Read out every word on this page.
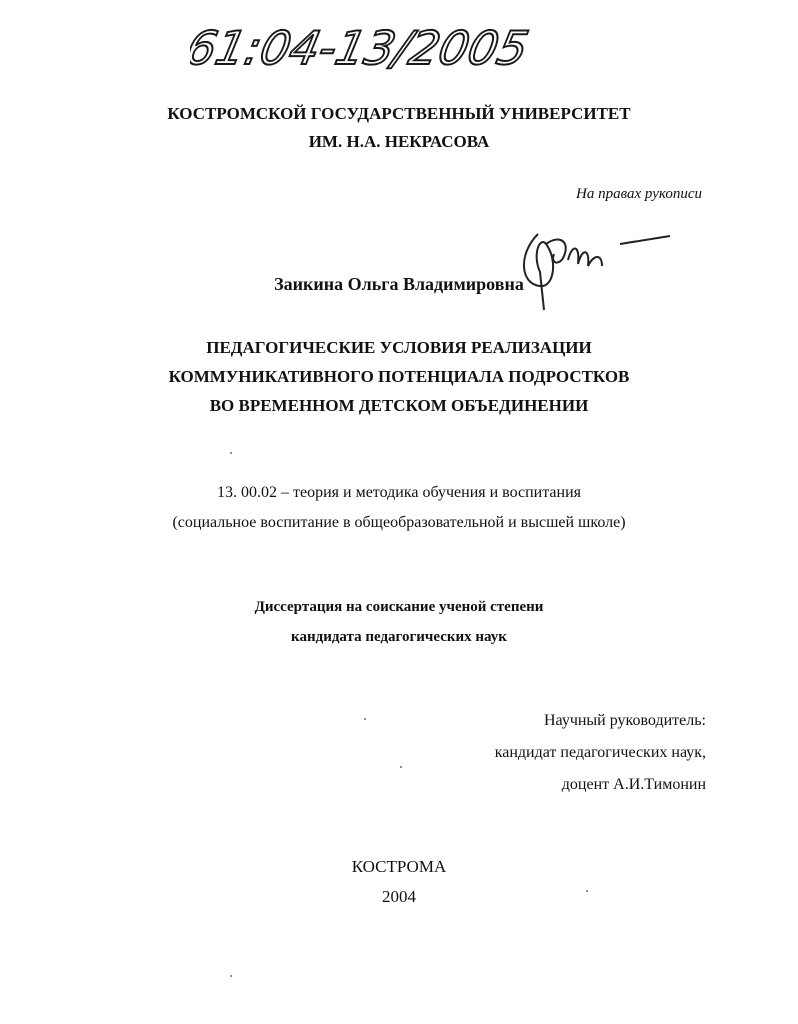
61:04-13/2005
КОСТРОМСКОЙ ГОСУДАРСТВЕННЫЙ УНИВЕРСИТЕТ
ИМ. Н.А. НЕКРАСОВА
На правах рукописи
Заикина Ольга Владимировна
ПЕДАГОГИЧЕСКИЕ УСЛОВИЯ РЕАЛИЗАЦИИ
КОММУНИКАТИВНОГО ПОТЕНЦИАЛА ПОДРОСТКОВ
ВО ВРЕМЕННОМ ДЕТСКОМ ОБЪЕДИНЕНИИ
13. 00.02 – теория и методика обучения и воспитания
(социальное воспитание в общеобразовательной и высшей школе)
Диссертация на соискание ученой степени
кандидата педагогических наук
Научный руководитель:
кандидат педагогических наук,
доцент А.И.Тимонин
КОСТРОМА
2004
